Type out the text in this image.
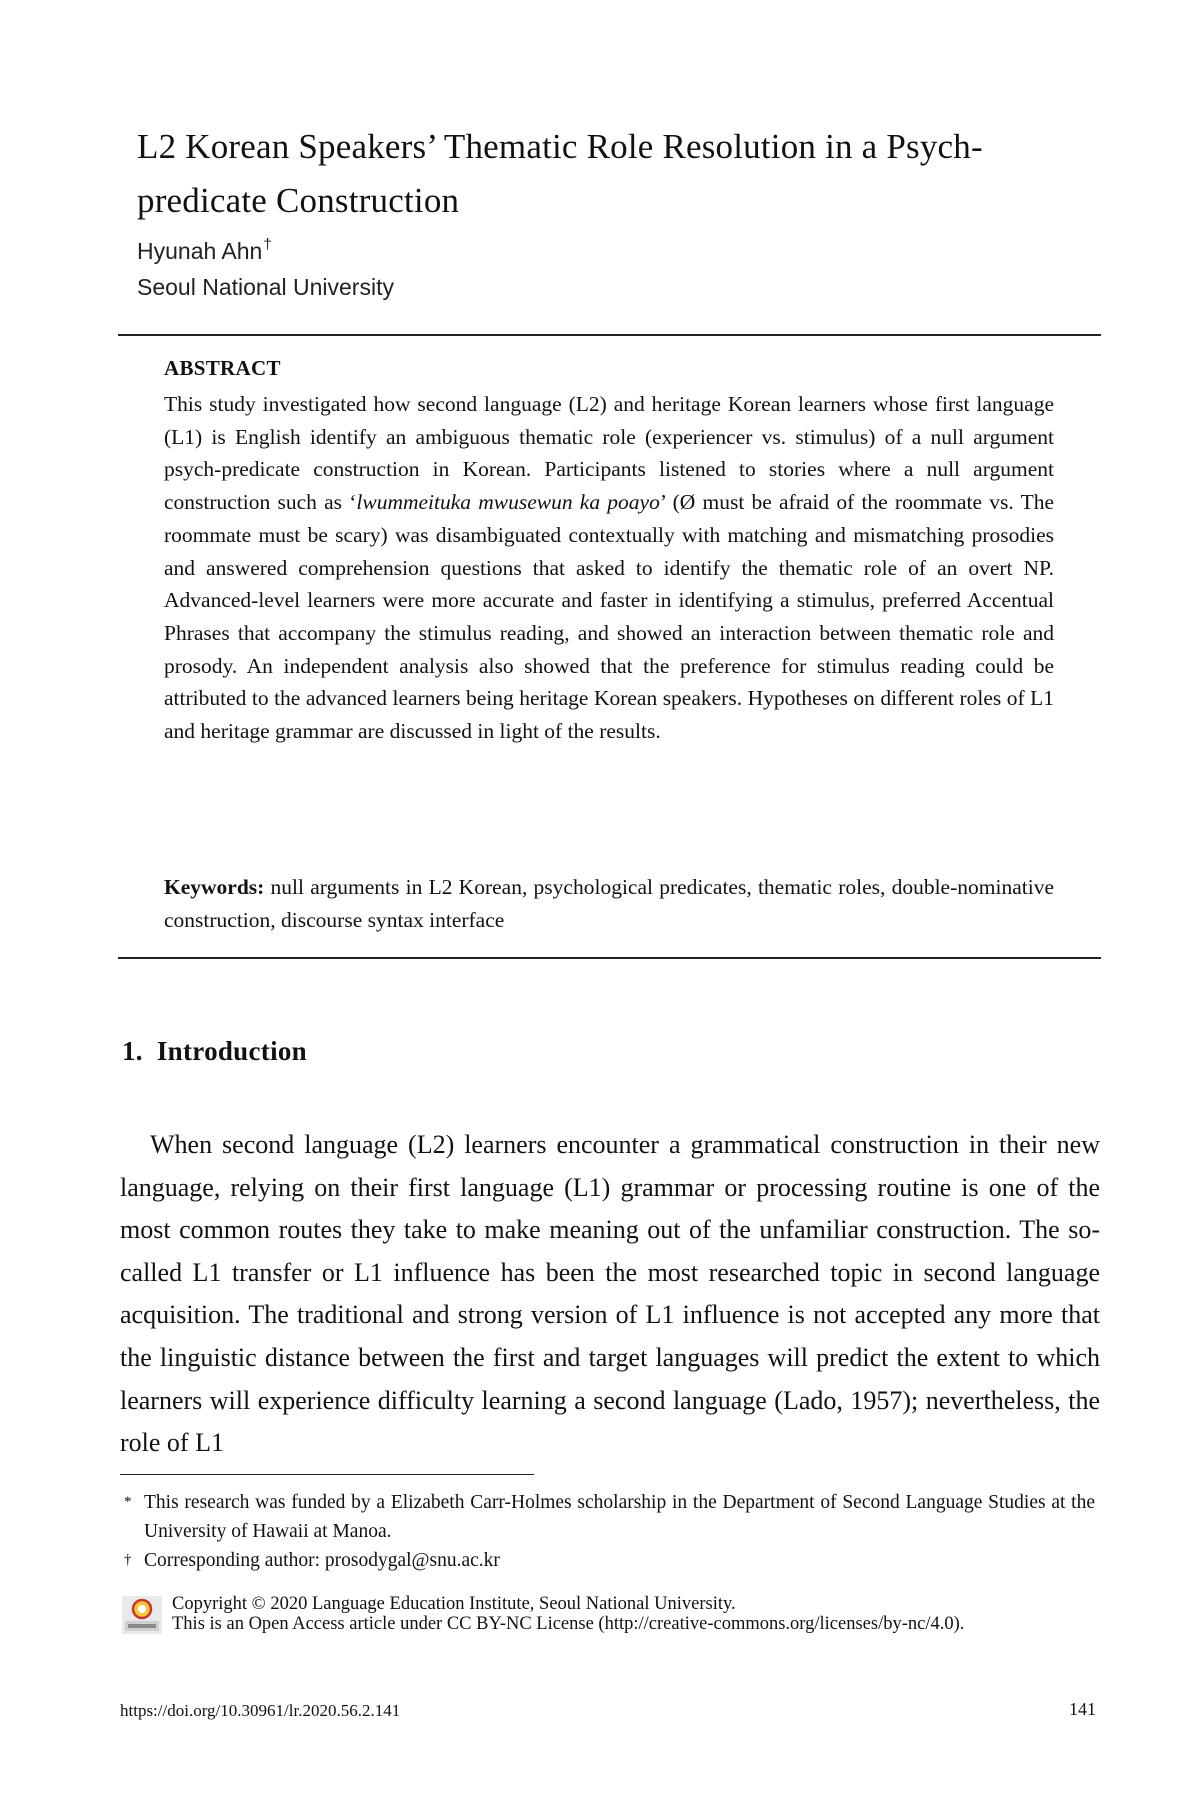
L2 Korean Speakers’ Thematic Role Resolution in a Psych-predicate Construction
Hyunah Ahn†
Seoul National University
ABSTRACT
This study investigated how second language (L2) and heritage Korean learners whose first language (L1) is English identify an ambiguous thematic role (experiencer vs. stimulus) of a null argument psych-predicate construction in Korean. Participants listened to stories where a null argument construction such as ‘lwummeituka mwusewun ka poayo’ (Ø must be afraid of the roommate vs. The roommate must be scary) was disambiguated contextually with matching and mismatching prosodies and answered comprehension questions that asked to identify the thematic role of an overt NP. Advanced-level learners were more accurate and faster in identifying a stimulus, preferred Accentual Phrases that accompany the stimulus reading, and showed an interaction between thematic role and prosody. An independent analysis also showed that the preference for stimulus reading could be attributed to the advanced learners being heritage Korean speakers. Hypotheses on different roles of L1 and heritage grammar are discussed in light of the results.
Keywords: null arguments in L2 Korean, psychological predicates, thematic roles, double-nominative construction, discourse syntax interface
1. Introduction
When second language (L2) learners encounter a grammatical construction in their new language, relying on their first language (L1) grammar or processing routine is one of the most common routes they take to make meaning out of the unfamiliar construction. The so-called L1 transfer or L1 influence has been the most researched topic in second language acquisition. The traditional and strong version of L1 influence is not accepted any more that the linguistic distance between the first and target languages will predict the extent to which learners will experience difficulty learning a second language (Lado, 1957); nevertheless, the role of L1
* This research was funded by a Elizabeth Carr-Holmes scholarship in the Department of Second Language Studies at the University of Hawaii at Manoa.
† Corresponding author: prosodygal@snu.ac.kr
Copyright © 2020 Language Education Institute, Seoul National University.
This is an Open Access article under CC BY-NC License (http://creative-commons.org/licenses/by-nc/4.0).
https://doi.org/10.30961/lr.2020.56.2.141	141
